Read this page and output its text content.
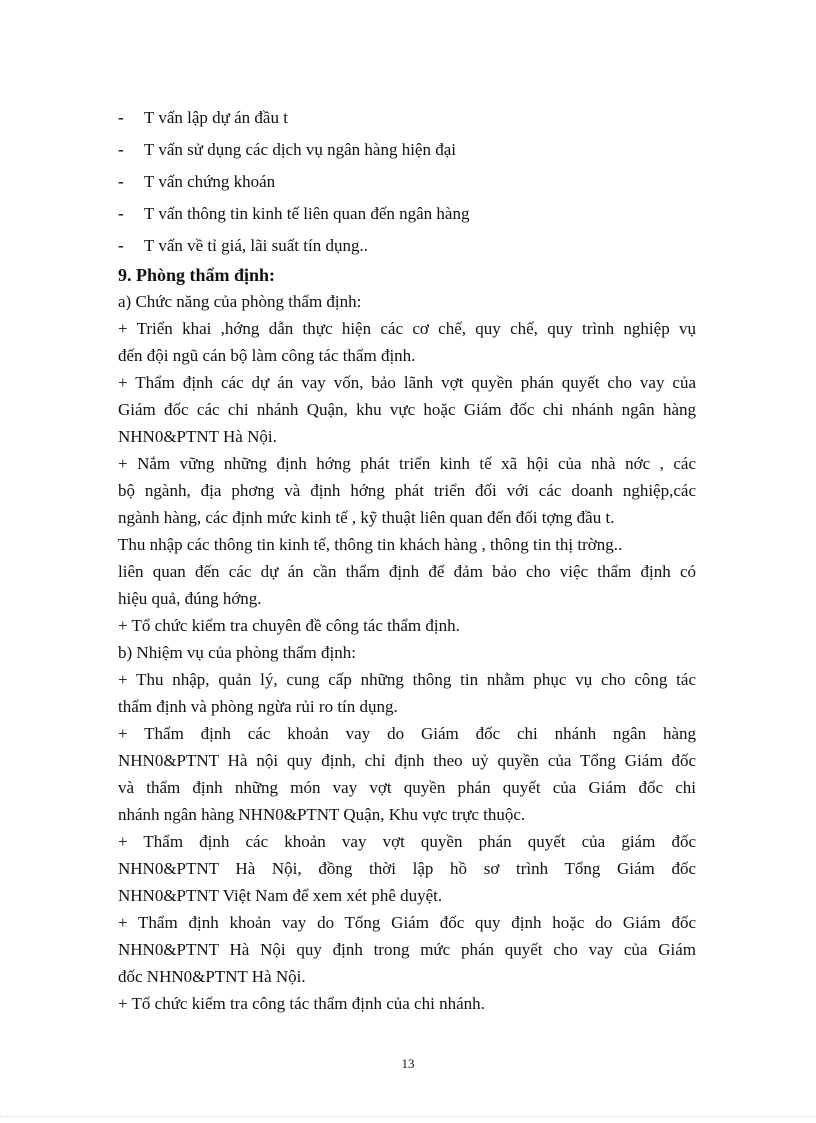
- T vấn lập dự án đầu t
- T vấn sử dụng các dịch vụ ngân hàng hiện đại
- T vấn chứng khoán
- T vấn thông tin kinh tế liên quan đến ngân hàng
- T vấn về tỉ giá, lãi suất tín dụng..
9. Phòng thẩm định:
a) Chức năng của phòng thẩm định:
+ Triển khai ,hớng dẫn thực hiện các cơ chế, quy chế, quy trình nghiệp vụ
đến đội ngũ cán bộ làm công tác thẩm định.
+ Thẩm định các dự án vay vốn, bảo lãnh vợt quyền phán quyết cho vay của
Giám đốc các chi nhánh Quận, khu vực hoặc Giám đốc chi nhánh ngân hàng
NHN0&PTNT Hà Nội.
+ Nắm vững những định hớng phát triển kinh tế xã hội của nhà nớc , các
bộ ngành, địa phơng và định hớng phát triển đối với các doanh nghiệp,các
ngành hàng, các định mức kinh tế , kỹ thuật liên quan đến đối tợng đầu t.
Thu nhập các thông tin kinh tế, thông tin khách hàng , thông tin thị trờng..
liên quan đến các dự án cần thẩm định để đảm bảo cho việc thẩm định có
hiệu quả, đúng hớng.
+ Tổ chức kiểm tra chuyên đề công tác thẩm định.
b) Nhiệm vụ của phòng thẩm định:
+ Thu nhập, quản lý, cung cấp những thông tin nhằm phục vụ cho công tác
thẩm định và phòng ngừa rủi ro tín dụng.
+ Thẩm định các khoản vay do Giám đốc chi nhánh ngân hàng
NHN0&PTNT Hà nội quy định, chỉ định theo uỷ quyền của Tổng Giám đốc
và thẩm định những món vay vợt quyền phán quyết của Giám đốc chi
nhánh ngân hàng NHN0&PTNT Quận, Khu vực trực thuộc.
+ Thẩm định các khoản vay vợt quyền phán quyết của giám đốc
NHN0&PTNT Hà Nội, đồng thời lập hồ sơ trình Tổng Giám đốc
NHN0&PTNT Việt Nam để xem xét phê duyệt.
+ Thẩm định khoản vay do Tổng Giám đốc quy định hoặc do Giám đốc
NHN0&PTNT Hà Nội quy định trong mức phán quyết cho vay của Giám
đốc NHN0&PTNT Hà Nội.
+ Tổ chức kiểm tra công tác thẩm định của chi nhánh.
13
